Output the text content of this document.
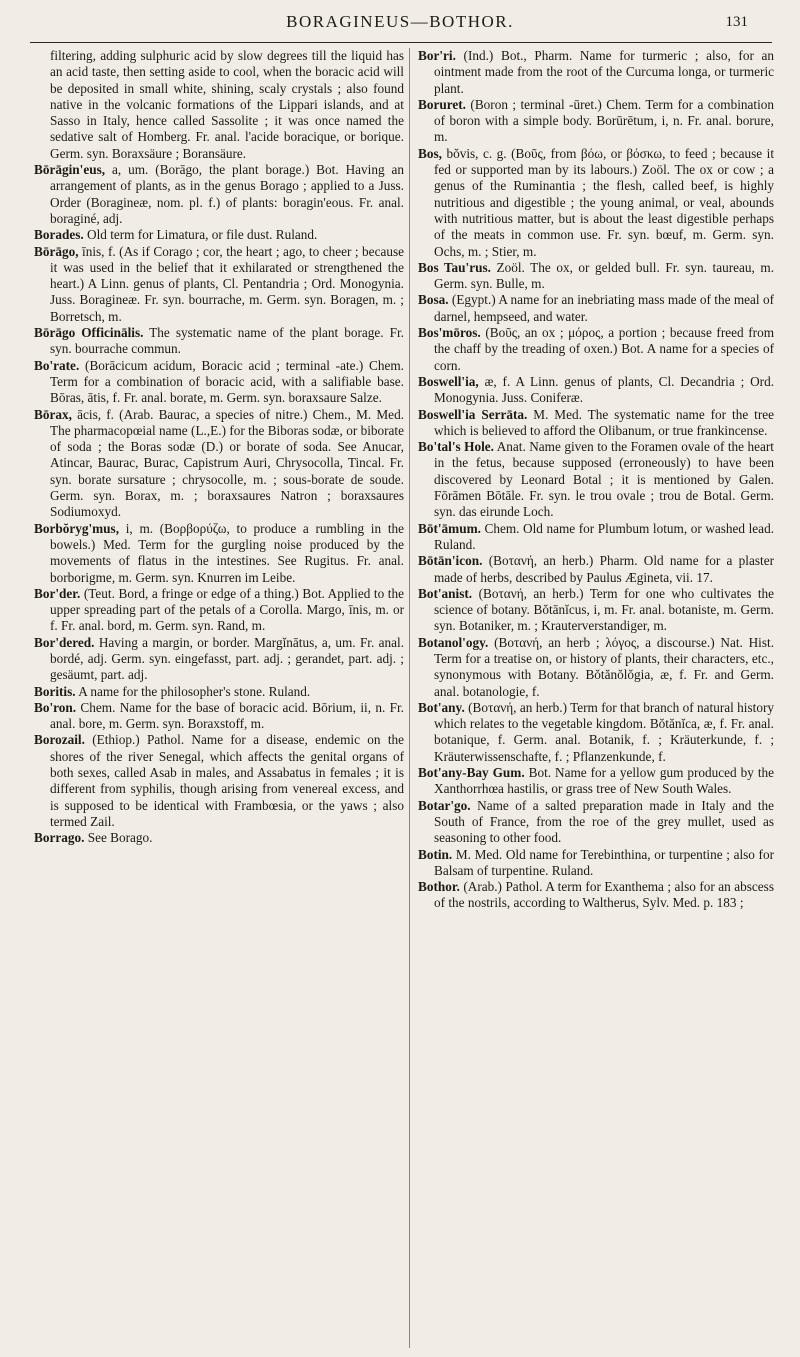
BORAGINEUS—BOTHOR.	131

filtering, adding sulphuric acid by slow degrees till the liquid has an acid taste, then setting aside to cool, when the boracic acid will be deposited in small white, shining, scaly crystals ; also found native in the volcanic formations of the Lippari islands, and at Sasso in Italy, hence called Sassolite ; it was once named the sedative salt of Homberg. Fr. anal. l'acide boracique, or borique. Germ. syn. Boraxsäure ; Boransäure.

Bōrāgin'eus, a, um. (Borāgo, the plant borage.) Bot. Having an arrangement of plants, as in the genus Borago ; applied to a Juss. Order (Boragineæ, nom. pl. f.) of plants: boragin'eous. Fr. anal. boraginé, adj.

Borades. Old term for Limatura, or file dust. Ruland.

Bōrāgo, īnis, f. (As if Corago ; cor, the heart ; ago, to cheer ; because it was used in the belief that it exhilarated or strengthened the heart.) A Linn. genus of plants, Cl. Pentandria ; Ord. Monogynia. Juss. Boragineæ. Fr. syn. bourrache, m. Germ. syn. Boragen, m. ; Borretsch, m.

Bōrāgo Officinālis. The systematic name of the plant borage. Fr. syn. bourrache commun.

Bo'rate. (Borācicum acidum, Boracic acid ; terminal -ate.) Chem. Term for a combination of boracic acid, with a salifiable base. Bōras, ātis, f. Fr. anal. borate, m. Germ. syn. boraxsaure Salze.

Bōrax, ācis, f. (Arab. Baurac, a species of nitre.) Chem., M. Med. The pharmacopœial name (L.,E.) for the Biboras sodæ, or biborate of soda ; the Boras sodæ (D.) or borate of soda. See Anucar, Atincar, Baurac, Burac, Capistrum Auri, Chrysocolla, Tincal. Fr. syn. borate sursature ; chrysocolle, m. ; sous-borate de soude. Germ. syn. Borax, m. ; boraxsaures Natron ; boraxsaures Sodiumoxyd.

Borbŏryg'mus, i, m. (Βορβορύζω, to produce a rumbling in the bowels.) Med. Term for the gurgling noise produced by the movements of flatus in the intestines. See Rugitus. Fr. anal. borborigme, m. Germ. syn. Knurren im Leibe.

Bor'der. (Teut. Bord, a fringe or edge of a thing.) Bot. Applied to the upper spreading part of the petals of a Corolla. Margo, īnis, m. or f. Fr. anal. bord, m. Germ. syn. Rand, m.

Bor'dered. Having a margin, or border. Margĭnātus, a, um. Fr. anal. bordé, adj. Germ. syn. eingefasst, part. adj. ; gerandet, part. adj. ; gesäumt, part. adj.

Boritis. A name for the philosopher's stone. Ruland.

Bo'ron. Chem. Name for the base of boracic acid. Bōrium, ii, n. Fr. anal. bore, m. Germ. syn. Boraxstoff, m.

Borozail. (Ethiop.) Pathol. Name for a disease, endemic on the shores of the river Senegal, which affects the genital organs of both sexes, called Asab in males, and Assabatus in females ; it is different from syphilis, though arising from venereal excess, and is supposed to be identical with Frambœsia, or the yaws ; also termed Zail.

Borrago. See Borago.

Bor'ri. (Ind.) Bot., Pharm. Name for turmeric ; also, for an ointment made from the root of the Curcuma longa, or turmeric plant.

Boruret. (Boron ; terminal -ūret.) Chem. Term for a combination of boron with a simple body. Borūrētum, i, n. Fr. anal. borure, m.

Bos, bŏvis, c. g. (Βοῦς, from βόω, or βόσκω, to feed ; because it fed or supported man by its labours.) Zoöl. The ox or cow ; a genus of the Ruminantia ; the flesh, called beef, is highly nutritious and digestible ; the young animal, or veal, abounds with nutritious matter, but is about the least digestible perhaps of the meats in common use. Fr. syn. bœuf, m. Germ. syn. Ochs, m. ; Stier, m.

Bos Tau'rus. Zoöl. The ox, or gelded bull. Fr. syn. taureau, m. Germ. syn. Bulle, m.

Bosa. (Egypt.) A name for an inebriating mass made of the meal of darnel, hempseed, and water.

Bos'mōros. (Βοῦς, an ox ; μόρος, a portion ; because freed from the chaff by the treading of oxen.) Bot. A name for a species of corn.

Boswell'ia, æ, f. A Linn. genus of plants, Cl. Decandria ; Ord. Monogynia. Juss. Coniferæ.

Boswell'ia Serrāta. M. Med. The systematic name for the tree which is believed to afford the Olibanum, or true frankincense.

Bo'tal's Hole. Anat. Name given to the Foramen ovale of the heart in the fetus, because supposed (erroneously) to have been discovered by Leonard Botal ; it is mentioned by Galen. Fōrāmen Bōtāle. Fr. syn. le trou ovale ; trou de Botal. Germ. syn. das eirunde Loch.

Bōt'āmum. Chem. Old name for Plumbum lotum, or washed lead. Ruland.

Bōtān'icon. (Βοτανή, an herb.) Pharm. Old name for a plaster made of herbs, described by Paulus Ægineta, vii. 17.

Bot'anist. (Βοτανή, an herb.) Term for one who cultivates the science of botany. Bŏtānĭcus, i, m. Fr. anal. botaniste, m. Germ. syn. Botaniker, m. ; Krauterverstandiger, m.

Botanol'ogy. (Βοτανή, an herb ; λόγος, a discourse.) Nat. Hist. Term for a treatise on, or history of plants, their characters, etc., synonymous with Botany. Bŏtănŏlŏgia, æ, f. Fr. and Germ. anal. botanologie, f.

Bot'any. (Βοτανή, an herb.) Term for that branch of natural history which relates to the vegetable kingdom. Bŏtănĭca, æ, f. Fr. anal. botanique, f. Germ. anal. Botanik, f. ; Kräuterkunde, f. ; Kräuterwissenschafte, f. ; Pflanzenkunde, f.

Bot'any-Bay Gum. Bot. Name for a yellow gum produced by the Xanthorrhœa hastilis, or grass tree of New South Wales.

Botar'go. Name of a salted preparation made in Italy and the South of France, from the roe of the grey mullet, used as seasoning to other food.

Botin. M. Med. Old name for Terebinthina, or turpentine ; also for Balsam of turpentine. Ruland.

Bothor. (Arab.) Pathol. A term for Exanthema ; also for an abscess of the nostrils, according to Waltherus, Sylv. Med. p. 183 ;
